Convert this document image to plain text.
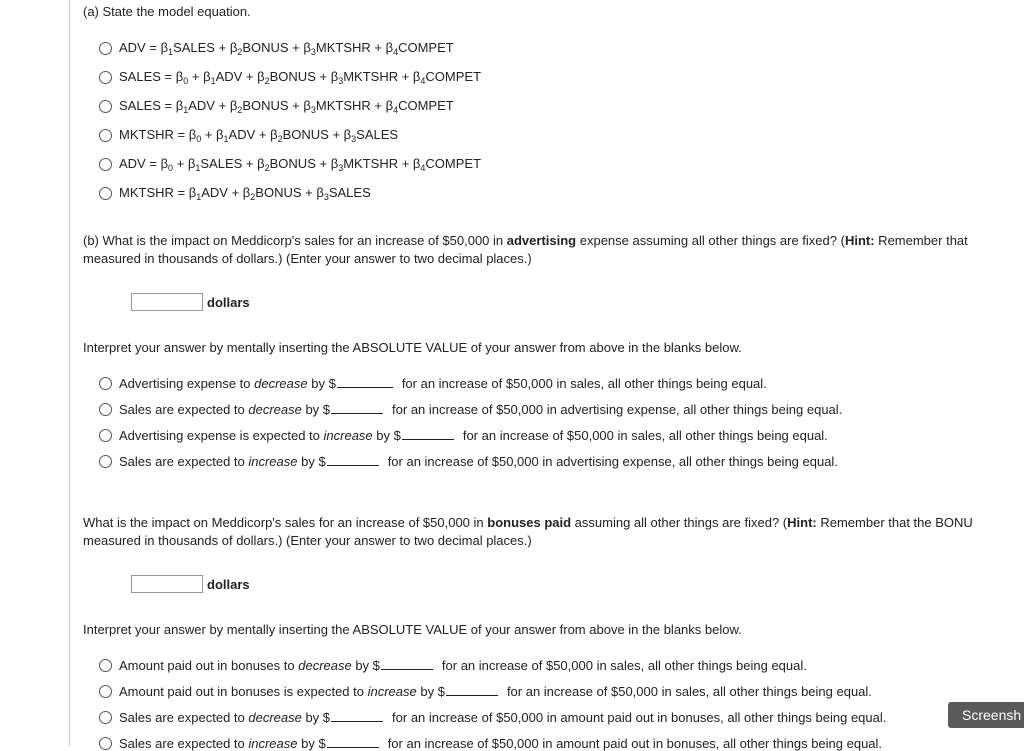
(a) State the model equation.
ADV = $\beta_1SALES$ + $\beta_2BONUS$ + $\beta_3MKTSHR$ + $\beta_4COMPET$
SALES = $\beta_0 + \beta_1ADV$ + $\beta_2BONUS$ + $\beta_3MKTSHR$ + $\beta_4COMPET$
SALES = $\beta_1ADV$ + $\beta_2BONUS$ + $\beta_3MKTSHR$ + $\beta_4COMPET$
MKTSHR = $\beta_0 + \beta_1ADV$ + $\beta_2BONUS$ + $\beta_3SALES$
ADV = $\beta_0$ + $\beta_1SALES$ + $\beta_2BONUS$ + $\beta_3MKTSHR$ + $\beta_4COMPET$
MKTSHR = $\beta_1ADV$ + $\beta_2BONUS$ + $\beta_3SALES$
(b) What is the impact on Meddicorp's sales for an increase of $50,000 in advertising expense assuming all other things are fixed? (Hint: Remember that
measured in thousands of dollars.) (Enter your answer to two decimal places.)
dollars
Interpret your answer by mentally inserting the ABSOLUTE VALUE of your answer from above in the blanks below.
Advertising expense to decrease by $	for an increase of $50,000 in sales, all other things being equal.
Sales are expected to decrease by $	for an increase of $50,000 in advertising expense, all other things being equal.
Advertising expense is expected to increase by $	for an increase of $50,000 in sales, all other things being equal.
Sales are expected to increase by $	for an increase of $50,000 in advertising expense, all other things being equal.
What is the impact on Meddicorp's sales for an increase of $50,000 in bonuses paid assuming all other things are fixed? (Hint: Remember that the BONU
measured in thousands of dollars.) (Enter your answer to two decimal places.)
dollars
Interpret your answer by mentally inserting the ABSOLUTE VALUE of your answer from above in the blanks below.
Amount paid out in bonuses to decrease by $	for an increase of $50,000 in sales, all other things being equal.
Amount paid out in bonuses is expected to increase by $	for an increase of $50,000 in sales, all other things being equal.
Sales are expected to decrease by $	for an increase of $50,000 in amount paid out in bonuses, all other things being equal.
Sales are expected to increase by $	for an increase of $50,000 in amount paid out in bonuses, all other things being equal.
Screensh
